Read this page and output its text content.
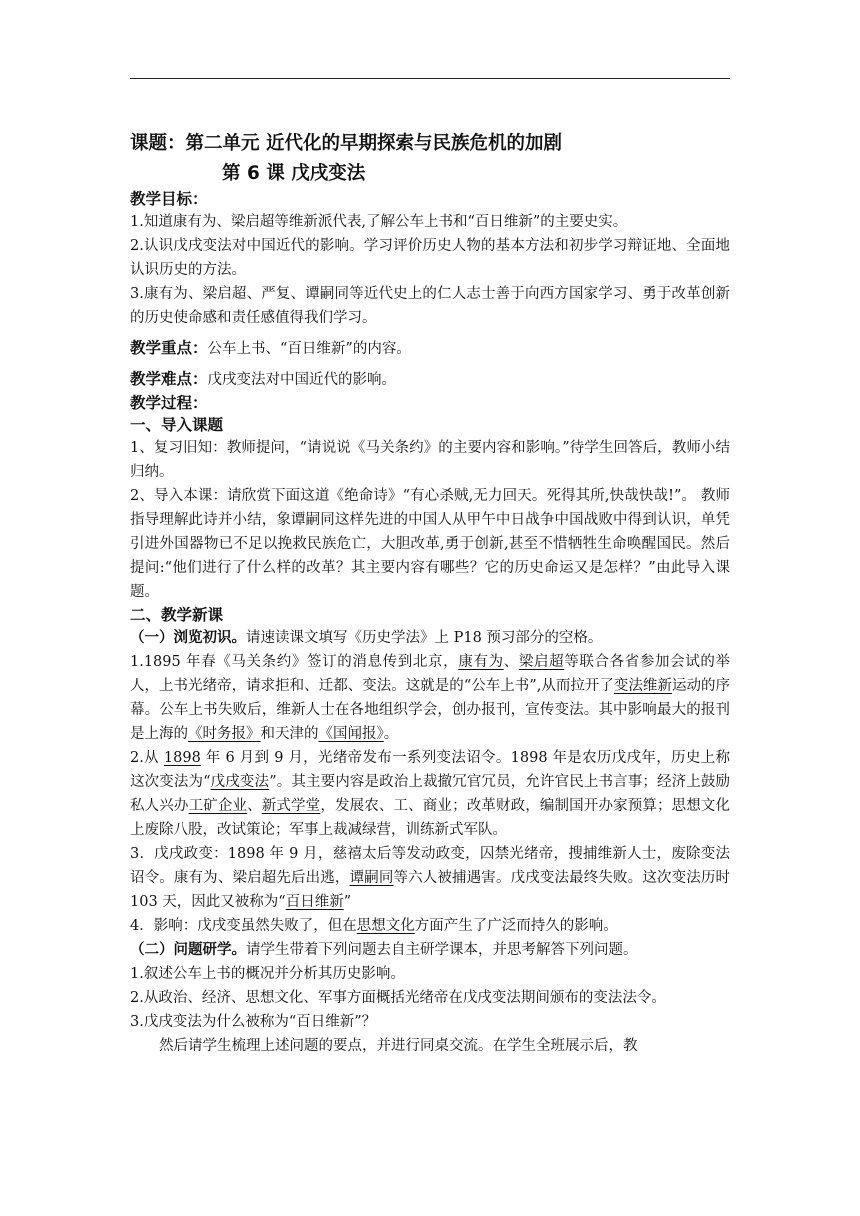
课题：第二单元 近代化的早期探索与民族危机的加剧
第 6 课 戊戌变法
教学目标：

1.知道康有为、梁启超等维新派代表,了解公车上书和“百日维新”的主要史实。

2.认识戊戌变法对中国近代的影响。学习评价历史人物的基本方法和初步学习辩证地、全面地认识历史的方法。

3.康有为、梁启超、严复、谭嗣同等近代史上的仁人志士善于向西方国家学习、勇于改革创新的历史使命感和责任感值得我们学习。

教学重点：公车上书、“百日维新”的内容。

教学难点：戊戌变法对中国近代的影响。

教学过程：
一、导入课题

1、复习旧知：教师提问，“请说说《马关条约》的主要内容和影响。”待学生回答后，教师小结归纳。

2、导入本课：请欣赏下面这道《绝命诗》“有心杀贼,无力回天。死得其所,快哉快哉!”。 教师指导理解此诗并小结，象谭嗣同这样先进的中国人从甲午中日战争中国战败中得到认识，单凭引进外国器物已不足以挽救民族危亡，大胆改革,勇于创新,甚至不惜牺牲生命唤醒国民。然后提问:“他们进行了什么样的改革？其主要内容有哪些？它的历史命运又是怎样？”由此导入课题。

二、教学新课

（一）浏览初识。请速读课文填写《历史学法》上 P18 预习部分的空格。

1.1895 年春《马关条约》签订的消息传到北京，康有为、梁启超等联合各省参加会试的举人，上书光绪帝，请求拒和、迁都、变法。这就是的“公车上书”,从而拉开了变法维新运动的序幕。公车上书失败后，维新人士在各地组织学会，创办报刊，宣传变法。其中影响最大的报刊是上海的《时务报》和天津的《国闻报》。

2.从 1898 年 6 月到 9 月，光绪帝发布一系列变法诏令。1898 年是农历戊戌年，历史上称这次变法为“戊戌变法”。其主要内容是政治上裁撤冗官冗员，允许官民上书言事；经济上鼓励私人兴办工矿企业、新式学堂，发展农、工、商业；改革财政，编制国开办家预算；思想文化上废除八股，改试策论；军事上裁减绿营，训练新式军队。

3．戊戌政变：1898 年 9 月，慈禧太后等发动政变，囚禁光绪帝，搜捕维新人士，废除变法诏令。康有为、梁启超先后出逃，谭嗣同等六人被捕遇害。戊戌变法最终失败。这次变法历时 103 天，因此又被称为“百日维新”

4．影响：戊戌变虽然失败了，但在思想文化方面产生了广泛而持久的影响。

（二）问题研学。请学生带着下列问题去自主研学课本，并思考解答下列问题。

1.叙述公车上书的概况并分析其历史影响。

2.从政治、经济、思想文化、军事方面概括光绪帝在戊戌变法期间颁布的变法法令。

3.戊戌变法为什么被称为“百日维新”？

然后请学生梳理上述问题的要点，并进行同桌交流。在学生全班展示后，教
